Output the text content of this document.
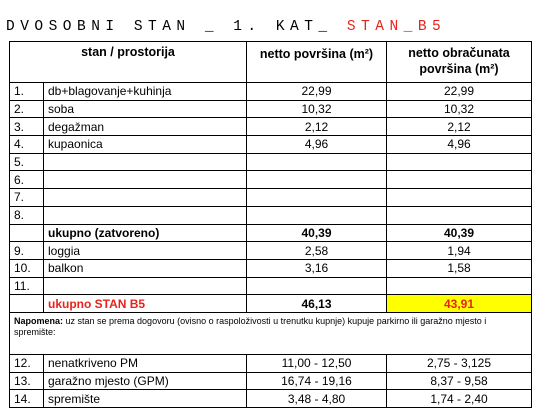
DVOSOBNI STAN _ 1. KAT_ STAN_B5
stan / prostorija		netto površina (m²)	netto obračunata površina (m²)
1.	db+blagovanje+kuhinja	22,99	22,99
2.	soba	10,32	10,32
3.	degažman	2,12	2,12
4.	kupaonica	4,96	4,96
5.			
6.			
7.			
8.			
	ukupno (zatvoreno)	40,39	40,39
9.	loggia	2,58	1,94
10.	balkon	3,16	1,58
11.			
	ukupno STAN B5	46,13	43,91
Napomena: uz stan se prema dogovoru (ovisno o raspoloživosti u trenutku kupnje) kupuje parkirno ili garažno mjesto i spremište:			
12.	nenatkriveno PM	11,00 - 12,50	2,75 - 3,125
13.	garažno mjesto (GPM)	16,74 - 19,16	8,37 - 9,58
14.	spremište	3,48 - 4,80	1,74 - 2,40
